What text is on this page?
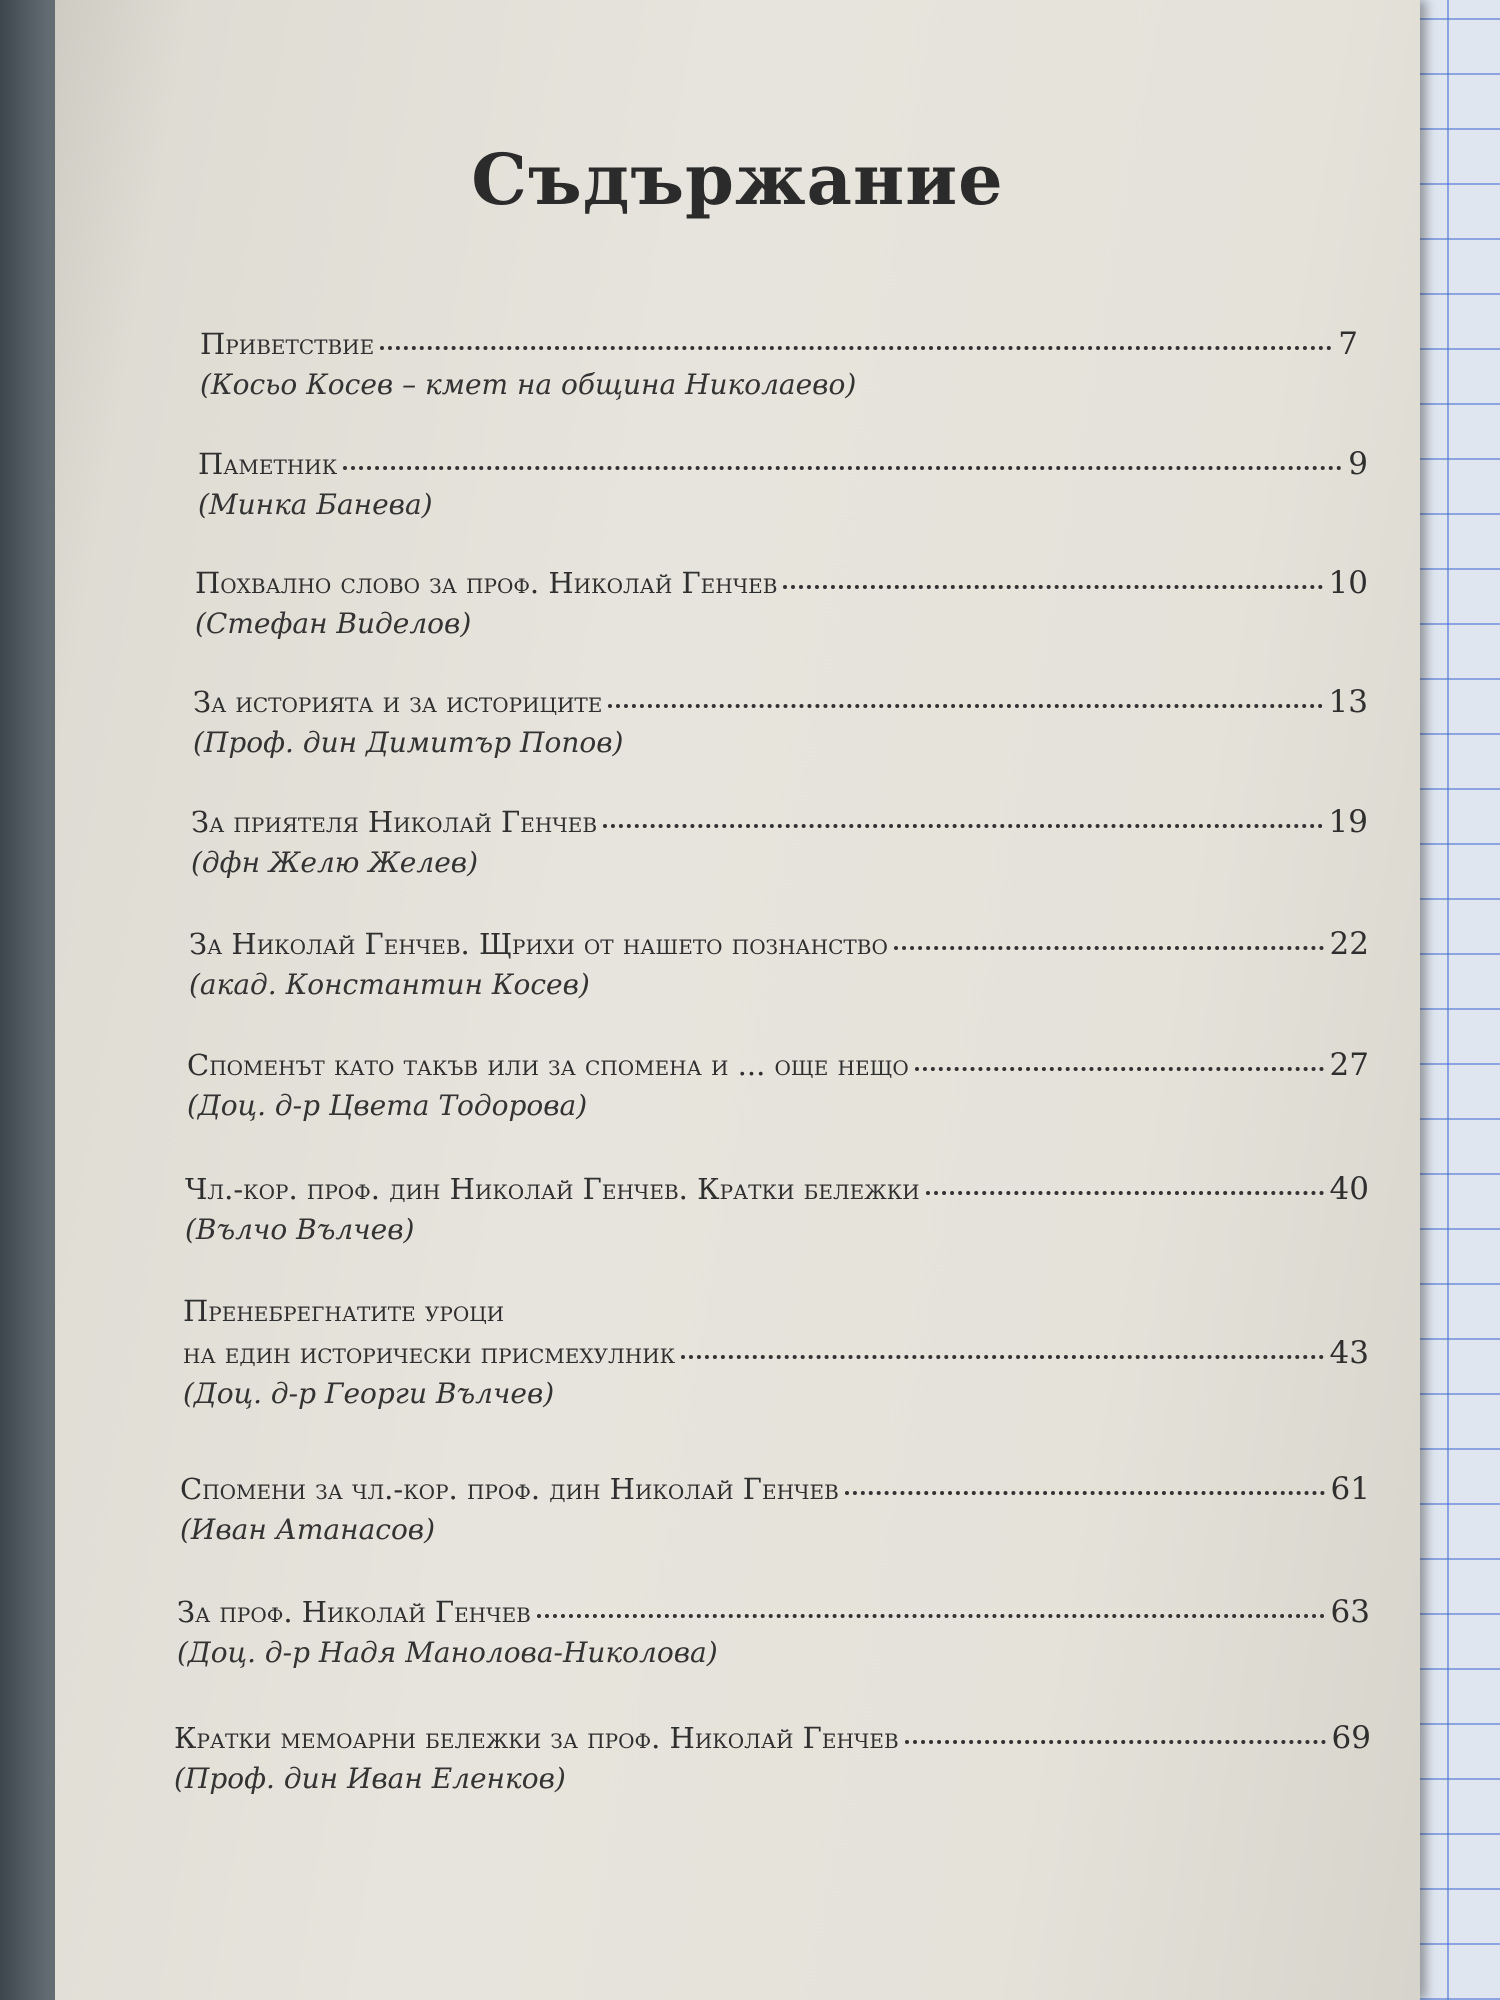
Съдържание
Приветствие	7
(Косьо Косев – кмет на община Николаево)
Паметник	9
(Минка Банева)
Похвално слово за проф. Николай Генчев	10
(Стефан Виделов)
За историята и за историците	13
(Проф. дин Димитър Попов)
За приятеля Николай Генчев	19
(дфн Желю Желев)
За Николай Генчев. Щрихи от нашето познанство	22
(акад. Константин Косев)
Споменът като такъв или за спомена и ... още нещо	27
(Доц. д-р Цвета Тодорова)
Чл.-кор. проф. дин Николай Генчев. Кратки бележки	40
(Вълчо Вълчев)
Пренебрегнатите уроци
на един исторически присмехулник	43
(Доц. д-р Георги Вълчев)
Спомени за чл.-кор. проф. дин Николай Генчев	61
(Иван Атанасов)
За проф. Николай Генчев	63
(Доц. д-р Надя Манолова-Николова)
Кратки мемоарни бележки за проф. Николай Генчев	69
(Проф. дин Иван Еленков)
